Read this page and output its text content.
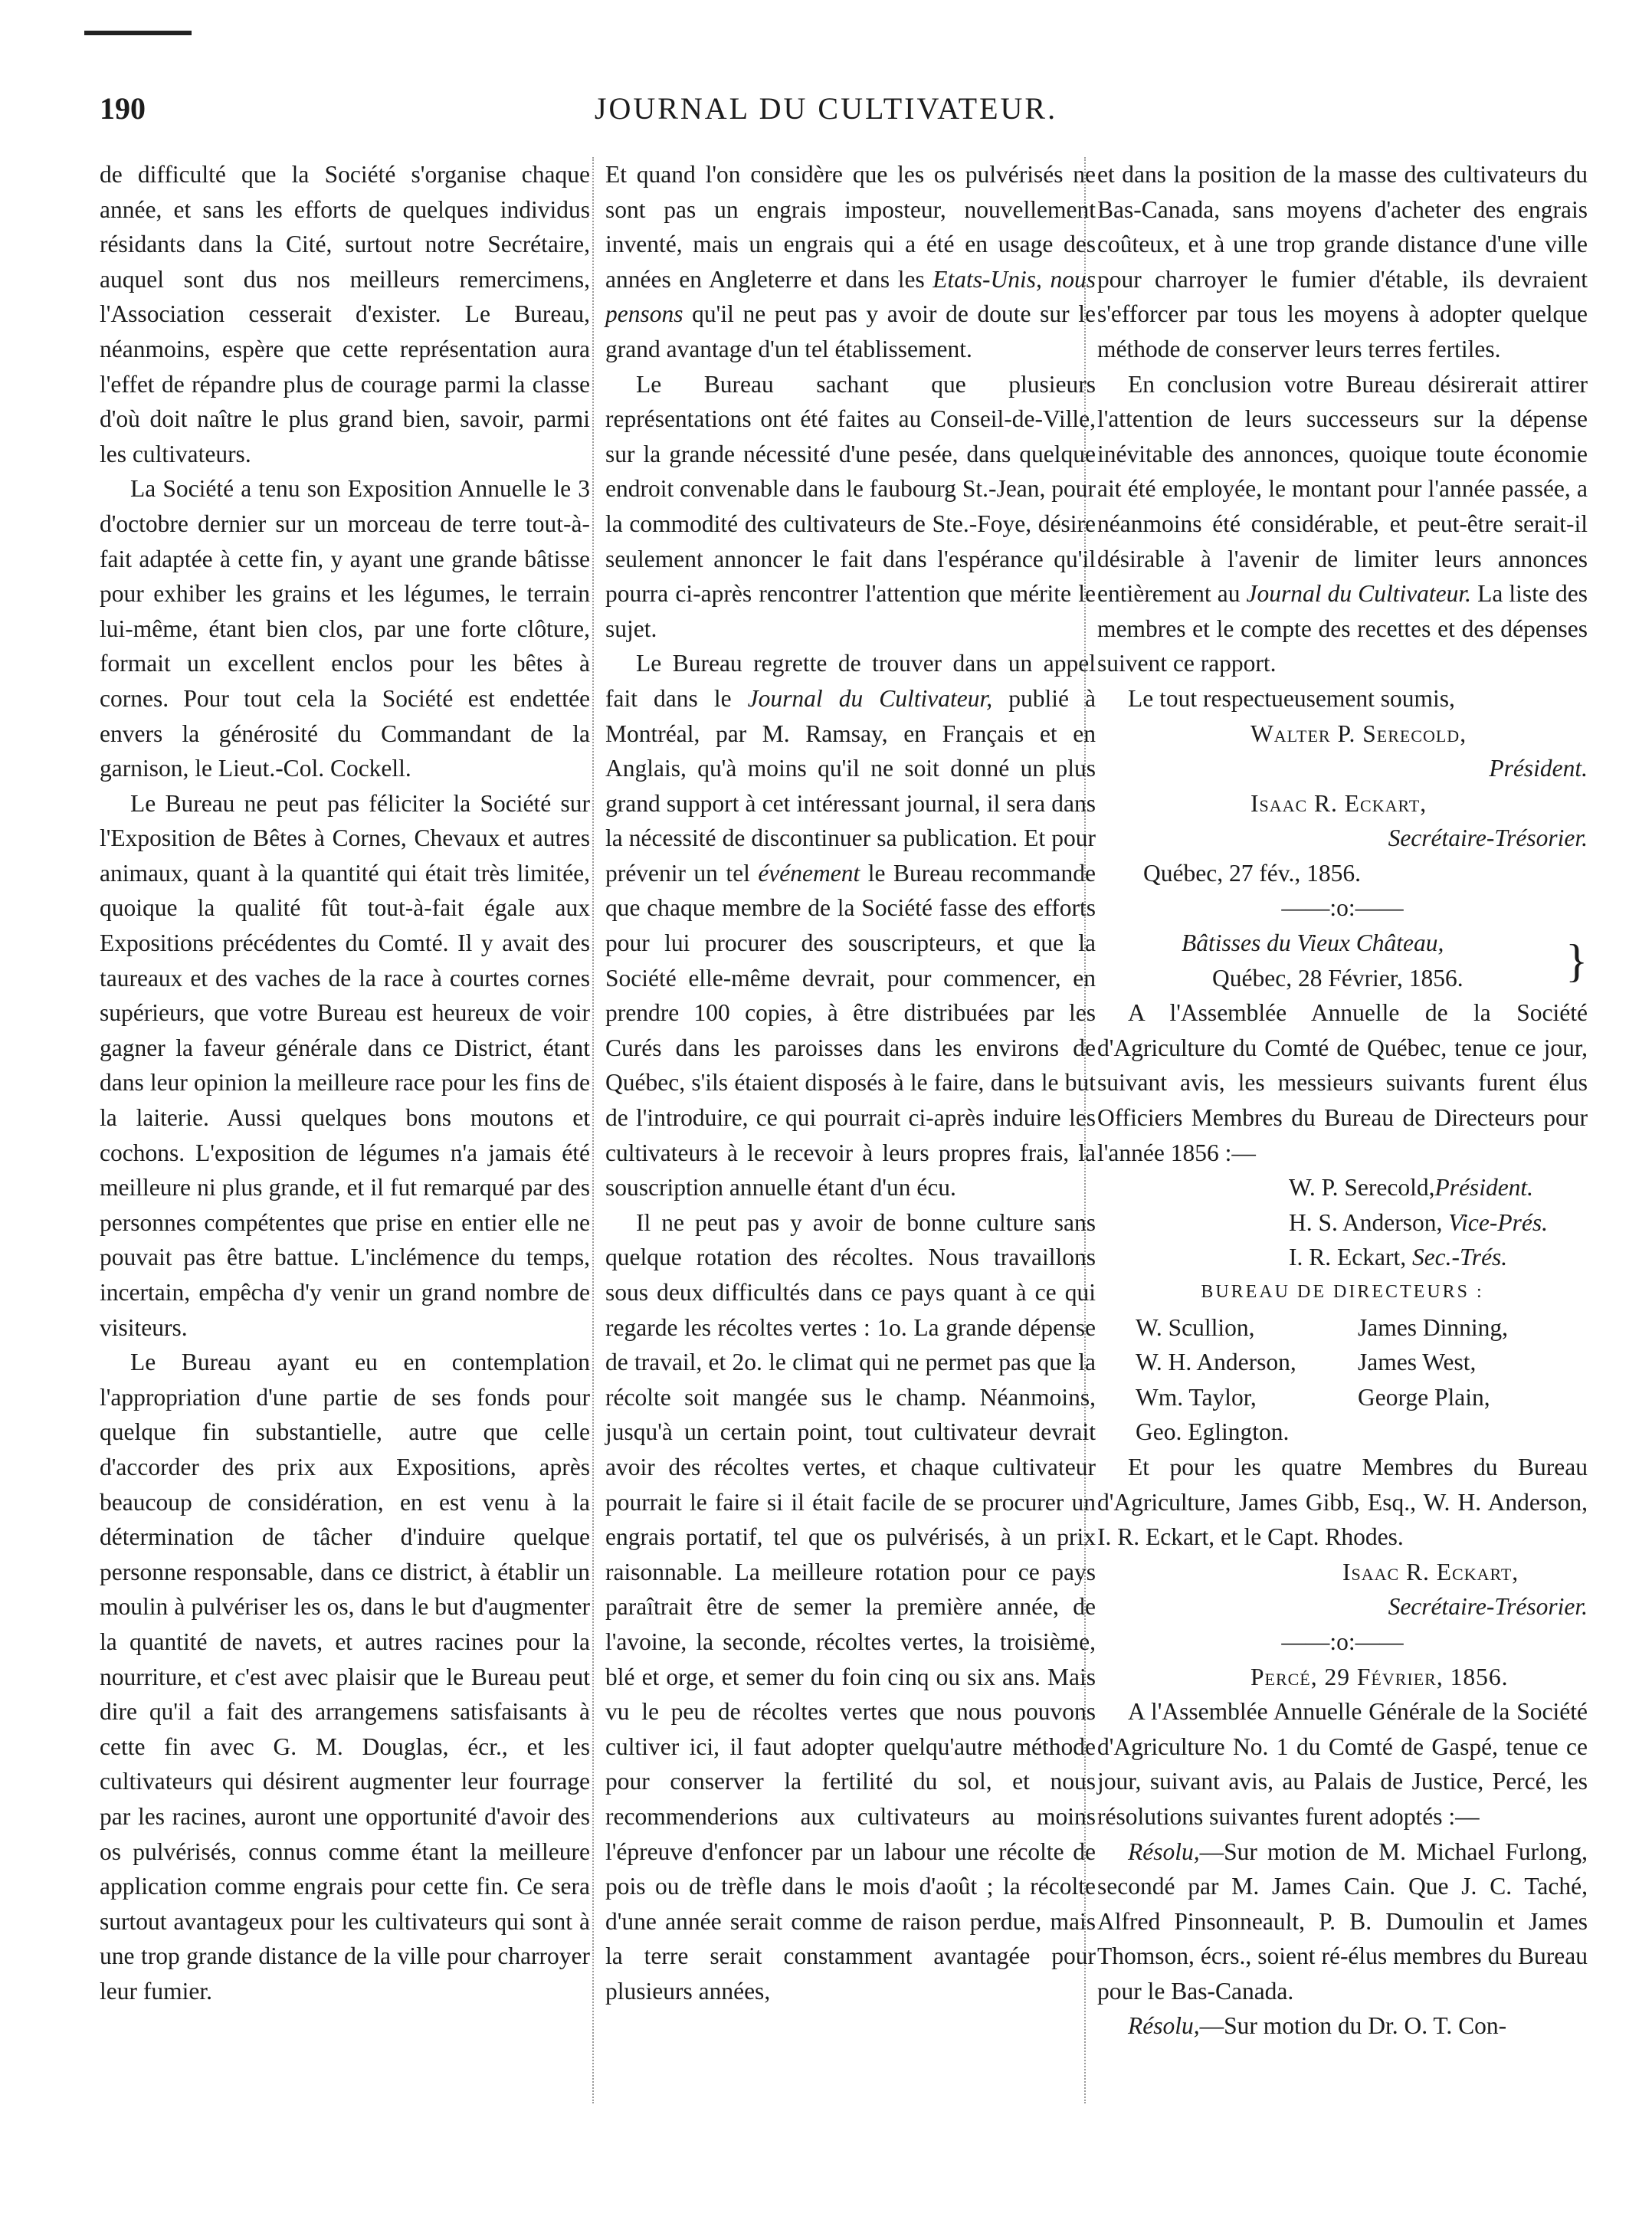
190	JOURNAL DU CULTIVATEUR.

de difficulté que la Société s'organise chaque année, et sans les efforts de quelques individus résidants dans la Cité, surtout notre Secrétaire, auquel sont dus nos meilleurs remercimens, l'Association cesserait d'exister. Le Bureau, néanmoins, espère que cette représentation aura l'effet de répandre plus de courage parmi la classe d'où doit naître le plus grand bien, savoir, parmi les cultivateurs.

La Société a tenu son Exposition Annuelle le 3 d'octobre dernier sur un morceau de terre tout-à-fait adaptée à cette fin, y ayant une grande bâtisse pour exhiber les grains et les légumes, le terrain lui-même, étant bien clos, par une forte clôture, formait un excellent enclos pour les bêtes à cornes. Pour tout cela la Société est endettée envers la générosité du Commandant de la garnison, le Lieut.-Col. Cockell.

Le Bureau ne peut pas féliciter la Société sur l'Exposition de Bêtes à Cornes, Chevaux et autres animaux, quant à la quantité qui était très limitée, quoique la qualité fût tout-à-fait égale aux Expositions précédentes du Comté. Il y avait des taureaux et des vaches de la race à courtes cornes supérieurs, que votre Bureau est heureux de voir gagner la faveur générale dans ce District, étant dans leur opinion la meilleure race pour les fins de la laiterie. Aussi quelques bons moutons et cochons. L'exposition de légumes n'a jamais été meilleure ni plus grande, et il fut remarqué par des personnes compétentes que prise en entier elle ne pouvait pas être battue. L'inclémence du temps, incertain, empêcha d'y venir un grand nombre de visiteurs.

Le Bureau ayant eu en contemplation l'appropriation d'une partie de ses fonds pour quelque fin substantielle, autre que celle d'accorder des prix aux Expositions, après beaucoup de considération, en est venu à la détermination de tâcher d'induire quelque personne responsable, dans ce district, à établir un moulin à pulvériser les os, dans le but d'augmenter la quantité de navets, et autres racines pour la nourriture, et c'est avec plaisir que le Bureau peut dire qu'il a fait des arrangemens satisfaisants à cette fin avec G. M. Douglas, écr., et les cultivateurs qui désirent augmenter leur fourrage par les racines, auront une opportunité d'avoir des os pulvérisés, connus comme étant la meilleure application comme engrais pour cette fin. Ce sera surtout avantageux pour les cultivateurs qui sont à une trop grande distance de la ville pour charroyer leur fumier.

Et quand l'on considère que les os pulvérisés ne sont pas un engrais imposteur, nouvellement inventé, mais un engrais qui a été en usage des années en Angleterre et dans les Etats-Unis, nous pensons qu'il ne peut pas y avoir de doute sur le grand avantage d'un tel établissement.

Le Bureau sachant que plusieurs représentations ont été faites au Conseil-de-Ville, sur la grande nécessité d'une pesée, dans quelque endroit convenable dans le faubourg St.-Jean, pour la commodité des cultivateurs de Ste.-Foye, désire seulement annoncer le fait dans l'espérance qu'il pourra ci-après rencontrer l'attention que mérite le sujet.

Le Bureau regrette de trouver dans un appel fait dans le Journal du Cultivateur, publié à Montréal, par M. Ramsay, en Français et en Anglais, qu'à moins qu'il ne soit donné un plus grand support à cet intéressant journal, il sera dans la nécessité de discontinuer sa publication. Et pour prévenir un tel événement le Bureau recommande que chaque membre de la Société fasse des efforts pour lui procurer des souscripteurs, et que la Société elle-même devrait, pour commencer, en prendre 100 copies, à être distribuées par les Curés dans les paroisses dans les environs de Québec, s'ils étaient disposés à le faire, dans le but de l'introduire, ce qui pourrait ci-après induire les cultivateurs à le recevoir à leurs propres frais, la souscription annuelle étant d'un écu.

Il ne peut pas y avoir de bonne culture sans quelque rotation des récoltes. Nous travaillons sous deux difficultés dans ce pays quant à ce qui regarde les récoltes vertes : 1o. La grande dépense de travail, et 2o. le climat qui ne permet pas que la récolte soit mangée sus le champ. Néanmoins, jusqu'à un certain point, tout cultivateur devrait avoir des récoltes vertes, et chaque cultivateur pourrait le faire si il était facile de se procurer un engrais portatif, tel que os pulvérisés, à un prix raisonnable. La meilleure rotation pour ce pays paraîtrait être de semer la première année, de l'avoine, la seconde, récoltes vertes, la troisième, blé et orge, et semer du foin cinq ou six ans. Mais vu le peu de récoltes vertes que nous pouvons cultiver ici, il faut adopter quelqu'autre méthode pour conserver la fertilité du sol, et nous recommenderions aux cultivateurs au moins l'épreuve d'enfoncer par un labour une récolte de pois ou de trèfle dans le mois d'août ; la récolte d'une année serait comme de raison perdue, mais la terre serait constamment avantagée pour plusieurs années,

et dans la position de la masse des cultivateurs du Bas-Canada, sans moyens d'acheter des engrais coûteux, et à une trop grande distance d'une ville pour charroyer le fumier d'étable, ils devraient s'efforcer par tous les moyens à adopter quelque méthode de conserver leurs terres fertiles.

En conclusion votre Bureau désirerait attirer l'attention de leurs successeurs sur la dépense inévitable des annonces, quoique toute économie ait été employée, le montant pour l'année passée, a néanmoins été considérable, et peut-être serait-il désirable à l'avenir de limiter leurs annonces entièrement au Journal du Cultivateur. La liste des membres et le compte des recettes et des dépenses suivent ce rapport.

Le tout respectueusement soumis,

Walter P. Serecold,
Président.
Isaac R. Eckart,
Secrétaire-Trésorier.

Québec, 27 fév., 1856.

——:o:——

Bâtisses du Vieux Château,
Québec, 28 Février, 1856.	}

A l'Assemblée Annuelle de la Société d'Agriculture du Comté de Québec, tenue ce jour, suivant avis, les messieurs suivants furent élus Officiers Membres du Bureau de Directeurs pour l'année 1856 :—

W. P. Serecold,Président.
H. S. Anderson, Vice-Prés.
I. R. Eckart, Sec.-Trés.

BUREAU DE DIRECTEURS :

W. Scullion,	James Dinning,
W. H. Anderson,	James West,
Wm. Taylor,	George Plain,
Geo. Eglington.

Et pour les quatre Membres du Bureau d'Agriculture, James Gibb, Esq., W. H. Anderson, I. R. Eckart, et le Capt. Rhodes.

Isaac R. Eckart,
Secrétaire-Trésorier.

——:o:——

Percé, 29 Février, 1856.

A l'Assemblée Annuelle Générale de la Société d'Agriculture No. 1 du Comté de Gaspé, tenue ce jour, suivant avis, au Palais de Justice, Percé, les résolutions suivantes furent adoptés :—

Résolu,—Sur motion de M. Michael Furlong, secondé par M. James Cain. Que J. C. Taché, Alfred Pinsonneault, P. B. Dumoulin et James Thomson, écrs., soient ré-élus membres du Bureau pour le Bas-Canada.

Résolu,—Sur motion du Dr. O. T. Con-
